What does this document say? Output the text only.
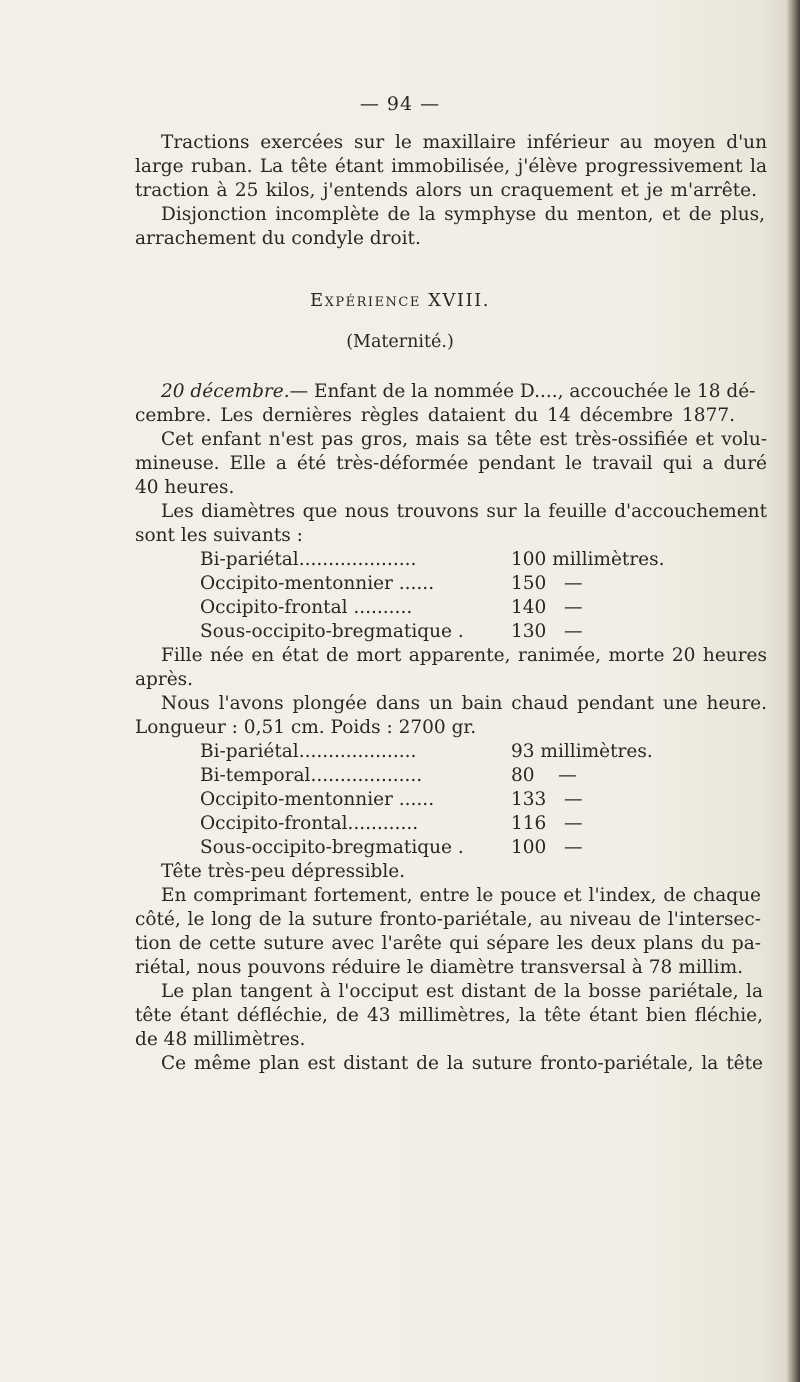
— 94 —
Tractions exercées sur le maxillaire inférieur au moyen d'un
large ruban. La tête étant immobilisée, j'élève progressivement la
traction à 25 kilos, j'entends alors un craquement et je m'arrête.
Disjonction incomplète de la symphyse du menton, et de plus,
arrachement du condyle droit.
Expérience XVIII.
(Maternité.)
20 décembre. — Enfant de la nommée D...., accouchée le 18 dé-
cembre. Les dernières règles dataient du 14 décembre 1877.
Cet enfant n'est pas gros, mais sa tête est très-ossifiée et volu-
mineuse. Elle a été très-déformée pendant le travail qui a duré
40 heures.
Les diamètres que nous trouvons sur la feuille d'accouchement
sont les suivants :
Bi-pariétal....................	100 millimètres.
Occipito-mentonnier ......	150   —
Occipito-frontal ..........	140   —
Sous-occipito-bregmatique .	130   —
Fille née en état de mort apparente, ranimée, morte 20 heures
après.
Nous l'avons plongée dans un bain chaud pendant une heure.
Longueur : 0,51 cm. Poids : 2700 gr.
Bi-pariétal....................	93 millimètres.
Bi-temporal...................	80    —
Occipito-mentonnier ......	133   —
Occipito-frontal............	116   —
Sous-occipito-bregmatique .	100   —
Tête très-peu dépressible.
En comprimant fortement, entre le pouce et l'index, de chaque
côté, le long de la suture fronto-pariétale, au niveau de l'intersec-
tion de cette suture avec l'arête qui sépare les deux plans du pa-
riétal, nous pouvons réduire le diamètre transversal à 78 millim.
Le plan tangent à l'occiput est distant de la bosse pariétale, la
tête étant défléchie, de 43 millimètres, la tête étant bien fléchie,
de 48 millimètres.
Ce même plan est distant de la suture fronto-pariétale, la tête
